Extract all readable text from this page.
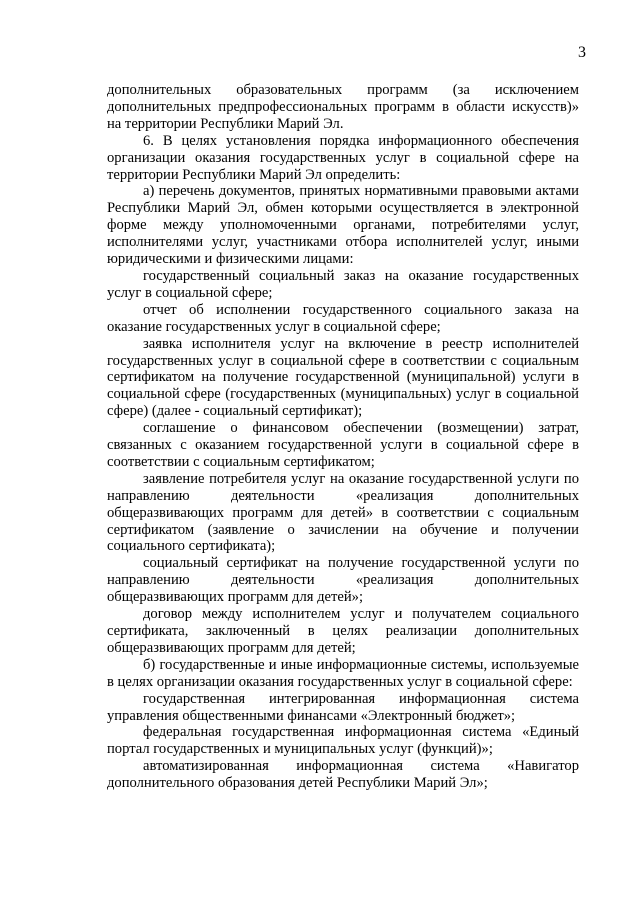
3

дополнительных образовательных программ (за исключением дополнительных предпрофессиональных программ в области искусств)» на территории Республики Марий Эл.

6. В целях установления порядка информационного обеспечения организации оказания государственных услуг в социальной сфере на территории Республики Марий Эл определить:

а) перечень документов, принятых нормативными правовыми актами Республики Марий Эл, обмен которыми осуществляется в электронной форме между уполномоченными органами, потребителями услуг, исполнителями услуг, участниками отбора исполнителей услуг, иными юридическими и физическими лицами:

государственный социальный заказ на оказание государственных услуг в социальной сфере;

отчет об исполнении государственного социального заказа на оказание государственных услуг в социальной сфере;

заявка исполнителя услуг на включение в реестр исполнителей государственных услуг в социальной сфере в соответствии с социальным сертификатом на получение государственной (муниципальной) услуги в социальной сфере (государственных (муниципальных) услуг в социальной сфере) (далее - социальный сертификат);

соглашение о финансовом обеспечении (возмещении) затрат, связанных с оказанием государственной услуги в социальной сфере в соответствии с социальным сертификатом;

заявление потребителя услуг на оказание государственной услуги по направлению деятельности «реализация дополнительных общеразвивающих программ для детей» в соответствии с социальным сертификатом (заявление о зачислении на обучение и получении социального сертификата);

социальный сертификат на получение государственной услуги по направлению деятельности «реализация дополнительных общеразвивающих программ для детей»;

договор между исполнителем услуг и получателем социального сертификата, заключенный в целях реализации дополнительных общеразвивающих программ для детей;

б) государственные и иные информационные системы, используемые в целях организации оказания государственных услуг в социальной сфере:

государственная интегрированная информационная система управления общественными финансами «Электронный бюджет»;

федеральная государственная информационная система «Единый портал государственных и муниципальных услуг (функций)»;

автоматизированная информационная система «Навигатор дополнительного образования детей Республики Марий Эл»;
